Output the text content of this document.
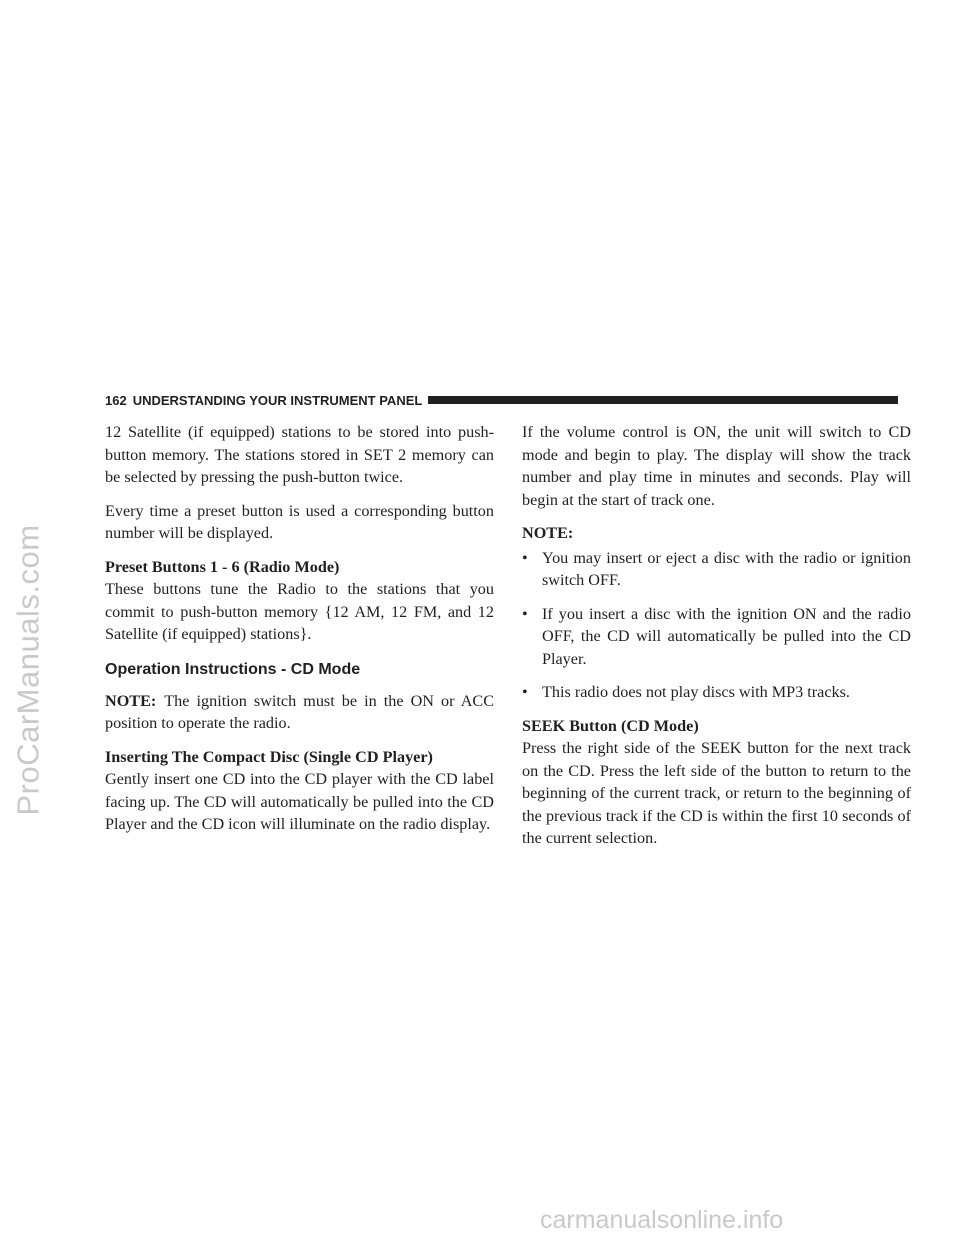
ProCarManuals.com
162 UNDERSTANDING YOUR INSTRUMENT PANEL

12 Satellite (if equipped) stations to be stored into push-button memory. The stations stored in SET 2 memory can be selected by pressing the push-button twice.

Every time a preset button is used a corresponding button number will be displayed.

Preset Buttons 1 - 6 (Radio Mode)
These buttons tune the Radio to the stations that you commit to push-button memory {12 AM, 12 FM, and 12 Satellite (if equipped) stations}.

Operation Instructions - CD Mode

NOTE: The ignition switch must be in the ON or ACC position to operate the radio.

Inserting The Compact Disc (Single CD Player)
Gently insert one CD into the CD player with the CD label facing up. The CD will automatically be pulled into the CD Player and the CD icon will illuminate on the radio display.

If the volume control is ON, the unit will switch to CD mode and begin to play. The display will show the track number and play time in minutes and seconds. Play will begin at the start of track one.

NOTE:
• You may insert or eject a disc with the radio or ignition switch OFF.
• If you insert a disc with the ignition ON and the radio OFF, the CD will automatically be pulled into the CD Player.
• This radio does not play discs with MP3 tracks.

SEEK Button (CD Mode)
Press the right side of the SEEK button for the next track on the CD. Press the left side of the button to return to the beginning of the current track, or return to the beginning of the previous track if the CD is within the first 10 seconds of the current selection.

carmanualsonline.info
